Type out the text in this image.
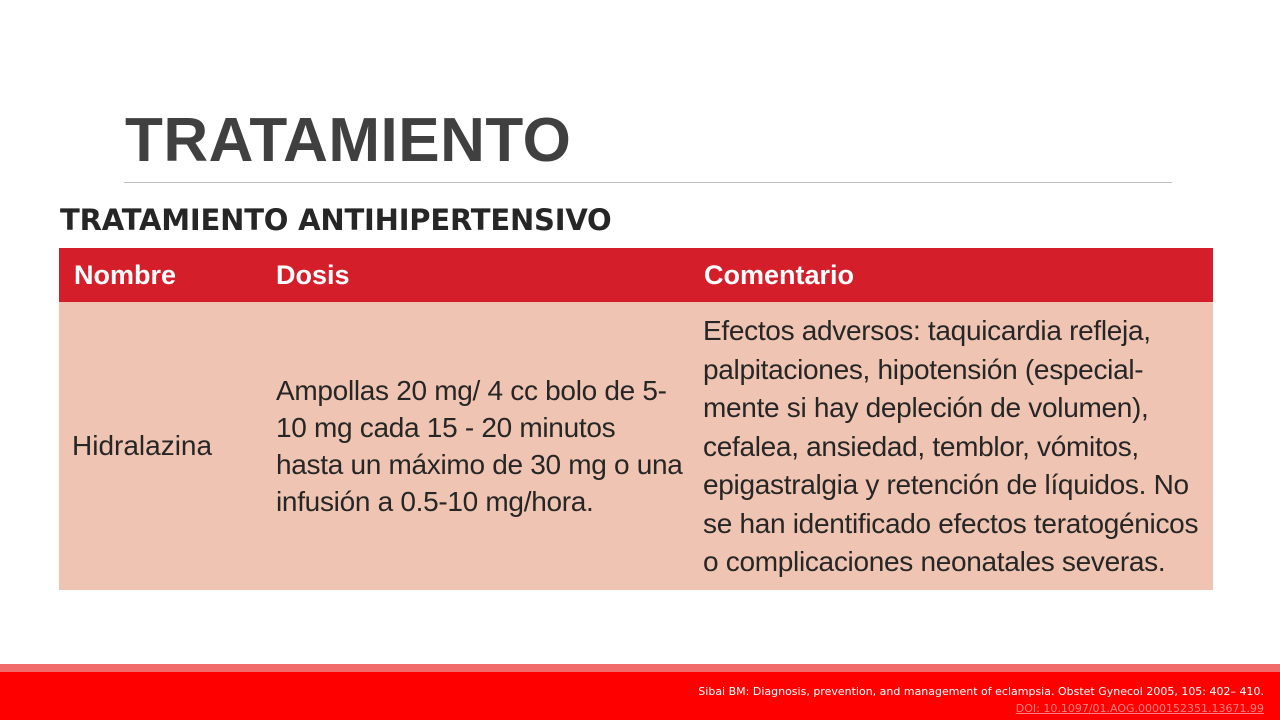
TRATAMIENTO
TRATAMIENTO ANTIHIPERTENSIVO
Nombre	Dosis	Comentario
Hidralazina	Ampollas 20 mg/ 4 cc bolo de 5- 10 mg cada 15 - 20 minutos hasta un máximo de 30 mg o una infusión a 0.5-10 mg/hora.	Efectos adversos: taquicardia refleja, palpitaciones, hipotensión (especialmente si hay depleción de volumen), cefalea, ansiedad, temblor, vómitos, epigastralgia y retención de líquidos. No se han identificado efectos teratogénicos o complicaciones neonatales severas.
Sibai BM: Diagnosis, prevention, and management of eclampsia. Obstet Gynecol 2005, 105: 402– 410.
DOI: 10.1097/01.AOG.0000152351.13671.99
